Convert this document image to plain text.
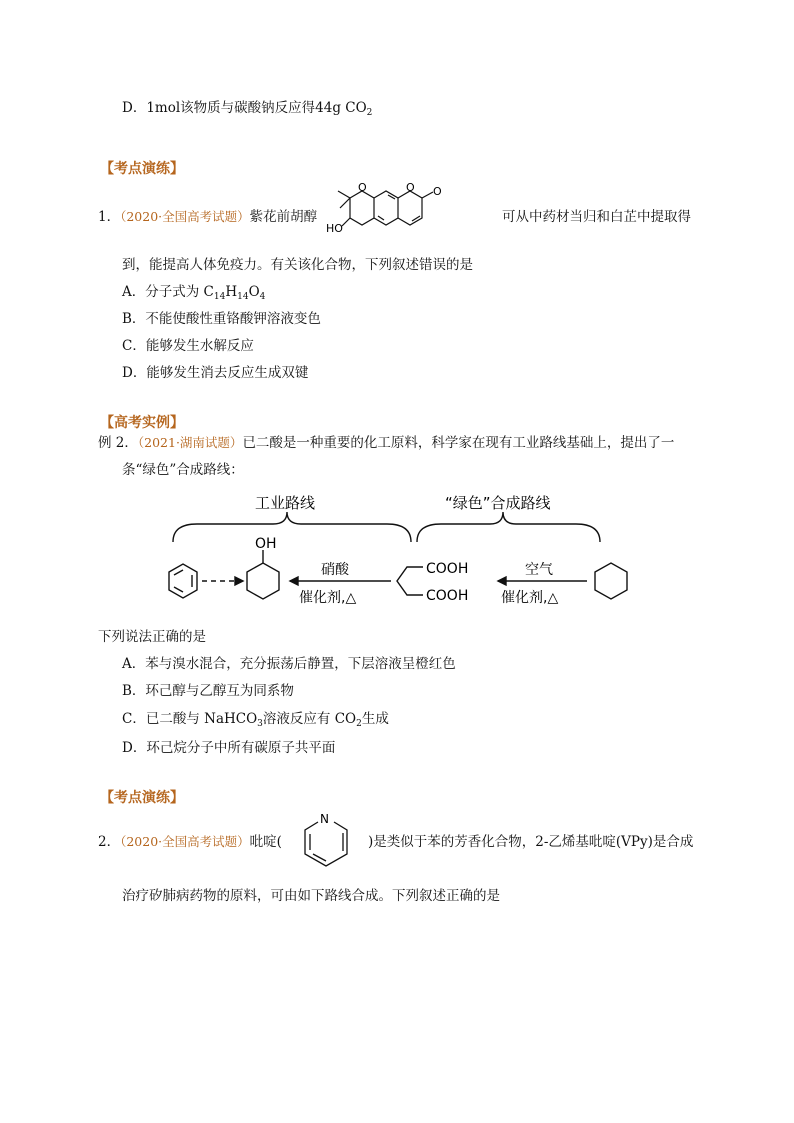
D．1mol该物质与碳酸钠反应得44g $CO_2$
【考点演练】
1．（2020·全国高考试题）紫花前胡醇
O	O O
HO
可从中药材当归和白芷中提取得
到，能提高人体免疫力。有关该化合物，下列叙述错误的是
A．分子式为 $C_{14}H_{14}O_4$
B．不能使酸性重铬酸钾溶液变色
C．能够发生水解反应
D．能够发生消去反应生成双键
【高考实例】
例 2．（2021·湖南试题）已二酸是一种重要的化工原料，科学家在现有工业路线基础上，提出了一
条“绿色”合成路线：
工业路线	“绿色”合成路线
OH
硝酸
催化剂,△
COOH
COOH
空气
催化剂,△
下列说法正确的是
A．苯与溴水混合，充分振荡后静置，下层溶液呈橙红色
B．环己醇与乙醇互为同系物
C．已二酸与 NaHCO$_3$溶液反应有 $CO_2$生成
D．环己烷分子中所有碳原子共平面
【考点演练】
2．（2020·全国高考试题）吡啶(
N
)是类似于苯的芳香化合物，2-乙烯基吡啶(VPy)是合成
治疗矽肺病药物的原料，可由如下路线合成。下列叙述正确的是
